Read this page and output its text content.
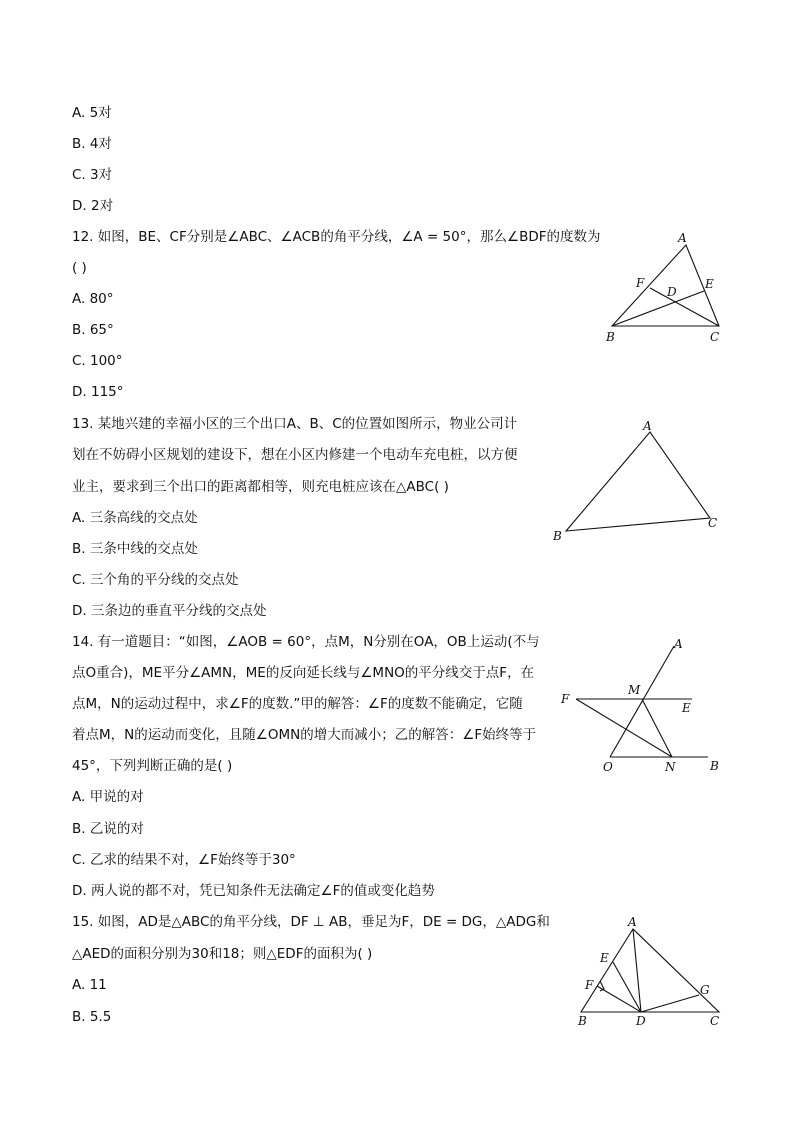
A. 5对
B. 4对
C. 3对
D. 2对
12. 如图，BE、CF分别是∠ABC、∠ACB的角平分线，∠A = 50°，那么∠BDF的度数为
( )
A. 80°
B. 65°
C. 100°
D. 115°
A
F
D
E
B	C
13. 某地兴建的幸福小区的三个出口A、B、C的位置如图所示，物业公司计
划在不妨碍小区规划的建设下，想在小区内修建一个电动车充电桩，以方便
业主，要求到三个出口的距离都相等，则充电桩应该在△ABC( )
A. 三条高线的交点处
B. 三条中线的交点处
C. 三个角的平分线的交点处
D. 三条边的垂直平分线的交点处
A
B
C
14. 有一道题目：“如图，∠AOB = 60°，点M，N分别在OA，OB上运动(不与
点O重合)，ME平分∠AMN，ME的反向延长线与∠MNO的平分线交于点F，在
点M，N的运动过程中，求∠F的度数.”甲的解答：∠F的度数不能确定，它随
着点M，N的运动而变化，且随∠OMN的增大而减小；乙的解答：∠F始终等于
45°，下列判断正确的是( )
A. 甲说的对
B. 乙说的对
C. 乙求的结果不对，∠F始终等于30°
D. 两人说的都不对，凭已知条件无法确定∠F的值或变化趋势
A
F
M
E
O	N	B
15. 如图，AD是△ABC的角平分线，DF ⊥ AB，垂足为F，DE = DG，△ADG和
△AED的面积分别为30和18；则△EDF的面积为( )
A. 11
B. 5.5
A
E
F	G
B	D	C
